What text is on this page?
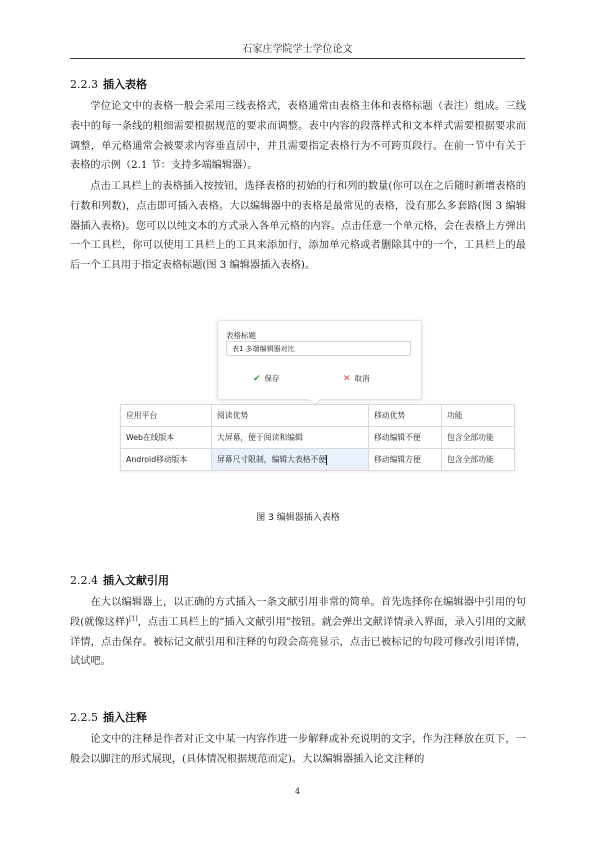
石家庄学院学士学位论文
2.2.3 插入表格

学位论文中的表格一般会采用三线表格式，表格通常由表格主体和表格标题（表注）组成。三线表中的每一条线的粗细需要根据规范的要求而调整。表中内容的段落样式和文本样式需要根据要求而调整，单元格通常会被要求内容垂直居中，并且需要指定表格行为不可跨页段行。在前一节中有关于表格的示例（2.1 节：支持多端编辑器）。

点击工具栏上的表格插入按按钮，选择表格的初始的行和列的数量(你可以在之后随时新增表格的行数和列数)，点击即可插入表格。大以编辑器中的表格是最常见的表格，没有那么多套路(图 3 编辑器插入表格)。您可以以纯文本的方式录入各单元格的内容。点击任意一个单元格，会在表格上方弹出一个工具栏，你可以使用工具栏上的工具来添加行，添加单元格或者删除其中的一个，工具栏上的最后一个工具用于指定表格标题(图 3 编辑器插入表格)。

表格标题
表1 多端编辑器对比
✔ 保存	✕ 取消
应用平台	阅读优势	移动优势	功能
Web在线版本	大屏幕，便于阅读和编辑	移动编辑不便	包含全部功能
Android移动版本	屏幕尺寸限制，编辑大表格不便	移动编辑方便	包含全部功能
图 3 编辑器插入表格
2.2.4 插入文献引用

在大以编辑器上，以正确的方式插入一条文献引用非常的简单。首先选择你在编辑器中引用的句段(就像这样)[1]，点击工具栏上的“插入文献引用”按钮。就会弹出文献详情录入界面，录入引用的文献详情，点击保存。被标记文献引用和注释的句段会高亮显示，点击已被标记的句段可修改引用详情，试试吧。

2.2.5 插入注释

论文中的注释是作者对正文中某一内容作进一步解释或补充说明的文字，作为注释放在页下，一般会以脚注的形式展现，(具体情况根据规范而定)。大以编辑器插入论文注释的

4
